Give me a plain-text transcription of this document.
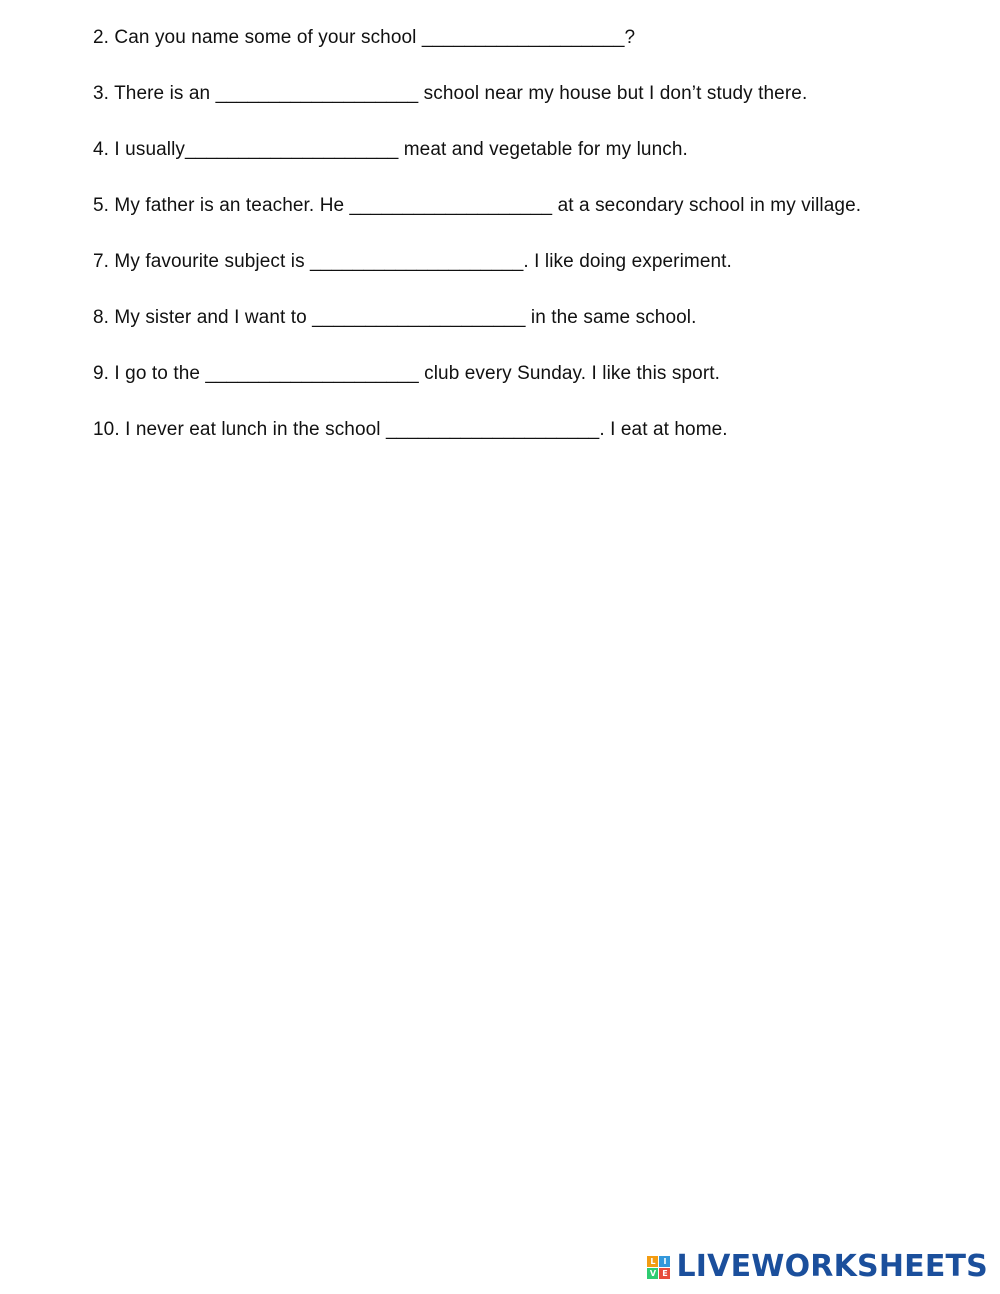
2. Can you name some of your school ___________________?
3. There is an ___________________ school near my house but I don’t study there.
4. I usually____________________ meat and vegetable for my lunch.
5. My father is an teacher. He ___________________ at a secondary school in my village.
7. My favourite subject is ____________________. I like doing experiment.
8. My sister and I want to ____________________ in the same school.
9. I go to the ____________________ club every Sunday. I like this sport.
10. I never eat lunch in the school ____________________. I eat at home.
L I
V E LIVEWORKSHEETS
